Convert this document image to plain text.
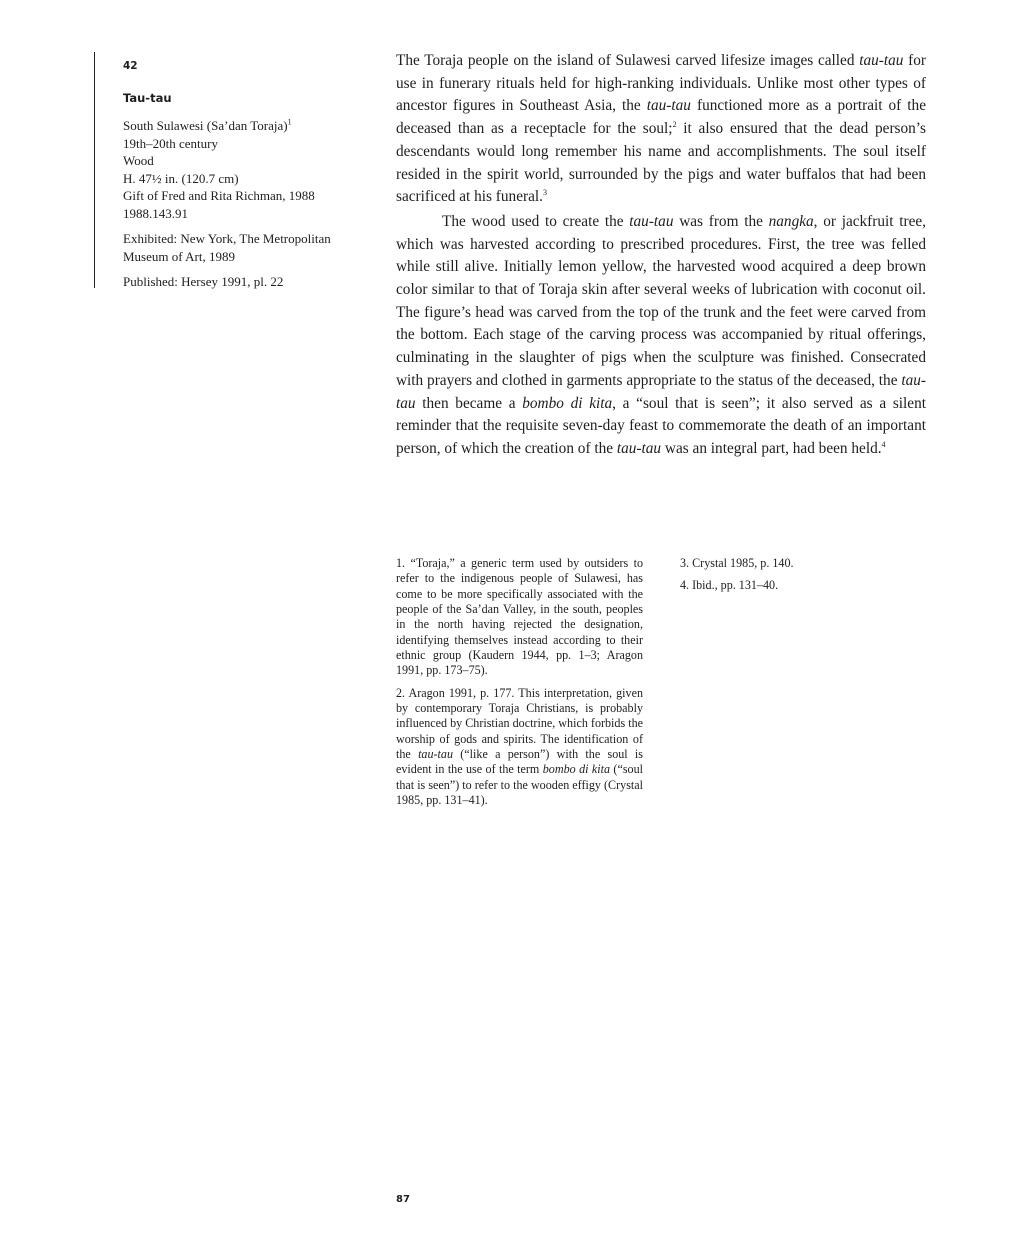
42

Tau-tau

South Sulawesi (Sa’dan Toraja)$^1$

19th–20th century

Wood

H. 47½ in. (120.7 cm)

Gift of Fred and Rita Richman, 1988

1988.143.91

Exhibited: New York, The Metropolitan

Museum of Art, 1989

Published: Hersey 1991, pl. 22

The Toraja people on the island of Sulawesi carved lifesize images called tau-tau for use in funerary rituals held for high-ranking individuals. Unlike most other types of ancestor figures in Southeast Asia, the tau-tau functioned more as a portrait of the deceased than as a receptacle for the soul;$^2$ it also ensured that the dead person’s descendants would long remember his name and accomplishments. The soul itself resided in the spirit world, surrounded by the pigs and water buffalos that had been sacrificed at his funeral.$^3$

The wood used to create the tau-tau was from the nangka, or jackfruit tree, which was harvested according to prescribed procedures. First, the tree was felled while still alive. Initially lemon yellow, the harvested wood acquired a deep brown color similar to that of Toraja skin after several weeks of lubrication with coconut oil. The figure’s head was carved from the top of the trunk and the feet were carved from the bottom. Each stage of the carving process was accompanied by ritual offerings, culminating in the slaughter of pigs when the sculpture was finished. Consecrated with prayers and clothed in garments appropriate to the status of the deceased, the tau-tau then became a bombo di kita, a “soul that is seen”; it also served as a silent reminder that the requisite seven-day feast to commemorate the death of an important person, of which the creation of the tau-tau was an integral part, had been held.$^4$

1. “Toraja,” a generic term used by outsiders to refer to the indigenous people of Sulawesi, has come to be more specifically associated with the people of the Sa’dan Valley, in the south, peoples in the north having rejected the designation, identifying themselves instead according to their ethnic group (Kaudern 1944, pp. 1–3; Aragon 1991, pp. 173–75).

2. Aragon 1991, p. 177. This interpretation, given by contemporary Toraja Christians, is probably influenced by Christian doctrine, which forbids the worship of gods and spirits. The identification of the tau-tau (“like a person”) with the soul is evident in the use of the term bombo di kita (“soul that is seen”) to refer to the wooden effigy (Crystal 1985, pp. 131–41).

3. Crystal 1985, p. 140.

4. Ibid., pp. 131–40.

87
